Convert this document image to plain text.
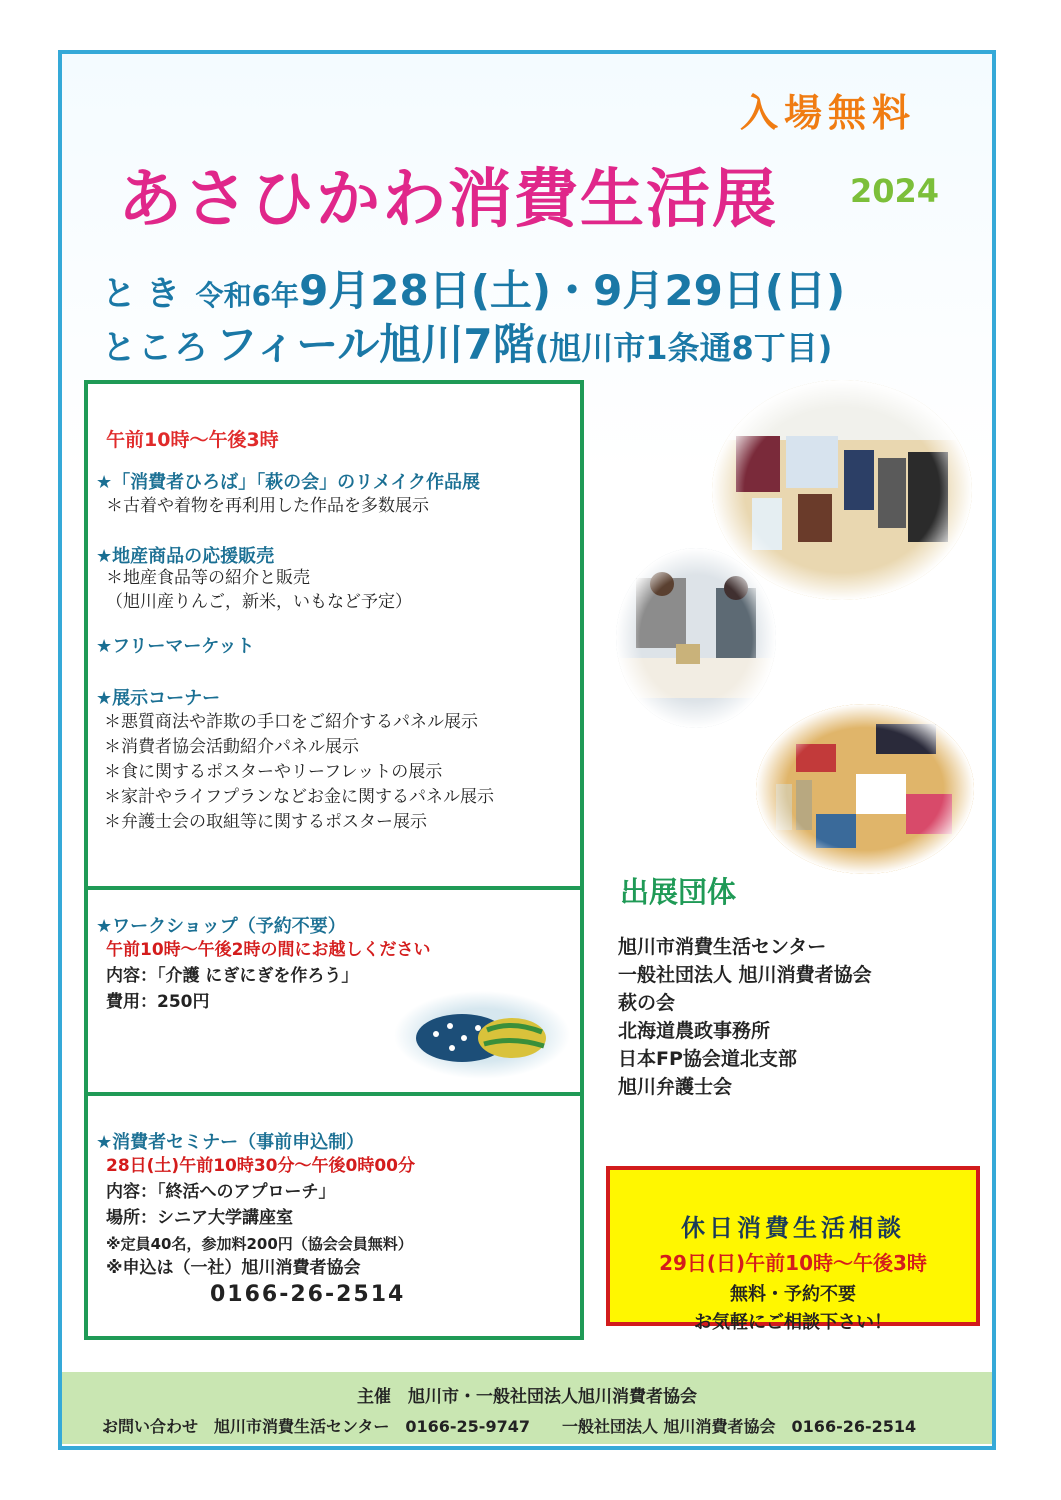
入場無料
あさひかわ消費生活展 2024
とき 令和6年9月28日(土)・9月29日(日)
ところ フィール旭川7階(旭川市1条通8丁目)
午前10時～午後3時
★「消費者ひろば」「萩の会」のリメイク作品展
＊古着や着物を再利用した作品を多数展示
★地産商品の応援販売
＊地産食品等の紹介と販売
（旭川産りんご，新米，いもなど予定）
★フリーマーケット
★展示コーナー
＊悪質商法や詐欺の手口をご紹介するパネル展示
＊消費者協会活動紹介パネル展示
＊食に関するポスターやリーフレットの展示
＊家計やライフプランなどお金に関するパネル展示
＊弁護士会の取組等に関するポスター展示
★ワークショップ（予約不要）
午前10時～午後2時の間にお越しください
内容：「介護 にぎにぎを作ろう」
費用：250円
★消費者セミナー（事前申込制）
28日(土)午前10時30分～午後0時00分
内容：「終活へのアプローチ」
場所：シニア大学講座室
※定員40名，参加料200円（協会会員無料）
※申込は（一社）旭川消費者協会
0166-26-2514
出展団体
旭川市消費生活センター
一般社団法人 旭川消費者協会
萩の会
北海道農政事務所
日本FP協会道北支部
旭川弁護士会
休日消費生活相談
29日(日)午前10時～午後3時
無料・予約不要
お気軽にご相談下さい！
主催　旭川市・一般社団法人旭川消費者協会
お問い合わせ　旭川市消費生活センター　0166-25-9747　　一般社団法人 旭川消費者協会　0166-26-2514
